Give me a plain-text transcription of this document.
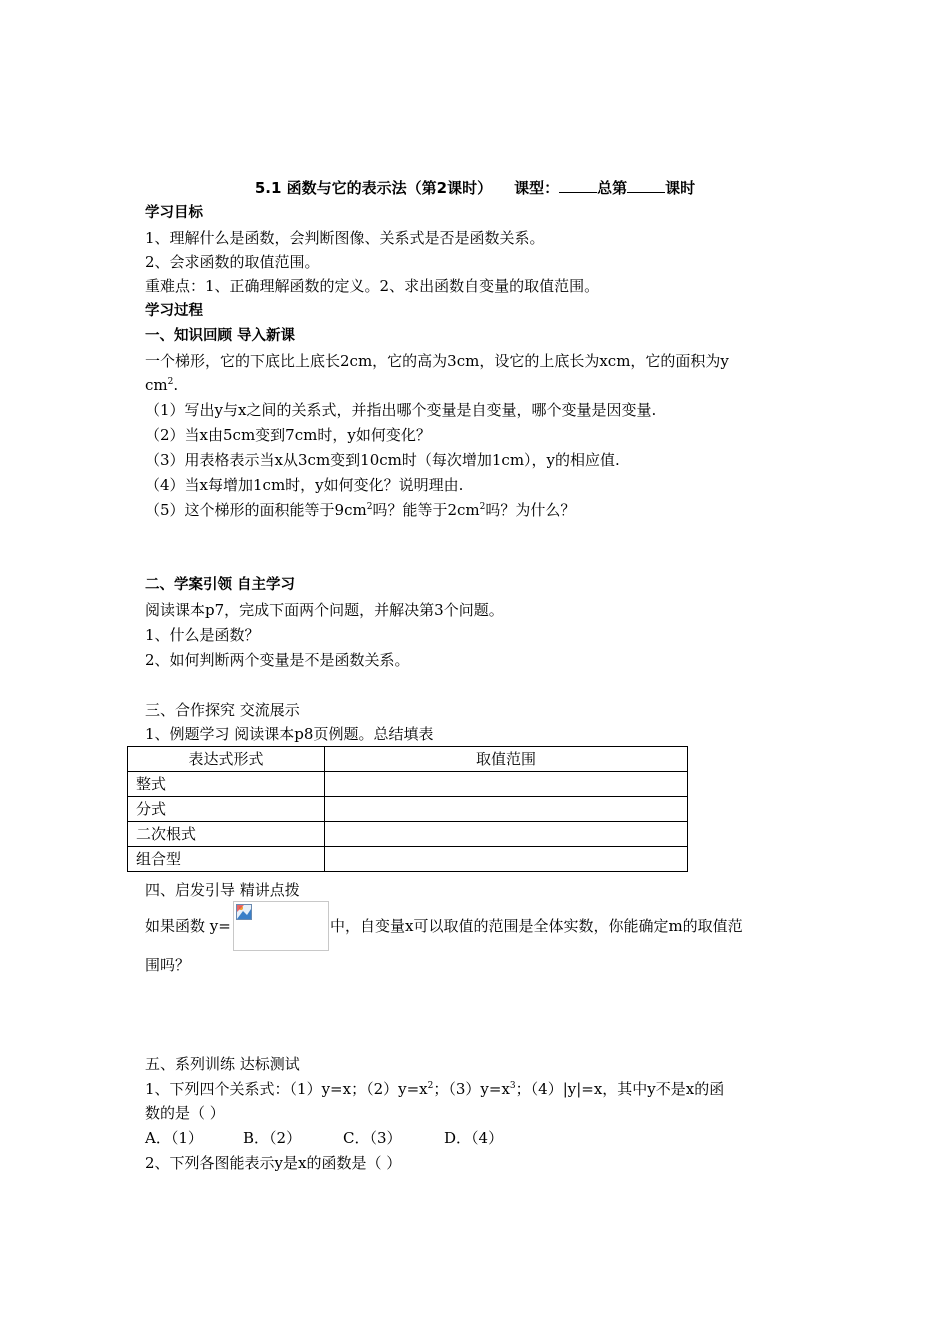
5.1 函数与它的表示法（第2课时） 课型：	总第	课时
学习目标
1、理解什么是函数，会判断图像、关系式是否是函数关系。
2、会求函数的取值范围。
重难点：1、正确理解函数的定义。2、求出函数自变量的取值范围。
学习过程
一、知识回顾 导入新课
一个梯形，它的下底比上底长2cm，它的高为3cm，设它的上底长为xcm，它的面积为y
$cm^2$.
（1）写出y与x之间的关系式，并指出哪个变量是自变量，哪个变量是因变量.
（2）当x由5cm变到7cm时，y如何变化？
（3）用表格表示当x从3cm变到10cm时（每次增加1cm），y的相应值.
（4）当x每增加1cm时，y如何变化？说明理由.
（5）这个梯形的面积能等于$9cm^2$吗？能等于$2cm^2$吗？为什么？
二、学案引领 自主学习
阅读课本p7，完成下面两个问题，并解决第3个问题。
1、什么是函数？
2、如何判断两个变量是不是函数关系。
三、合作探究 交流展示
1、例题学习 阅读课本p8页例题。总结填表
表达式形式	取值范围
整式	
分式	
二次根式	
组合型	
四、启发引导 精讲点拨
如果函数 y=	中，自变量x可以取值的范围是全体实数，你能确定m的取值范
围吗？
五、系列训练 达标测试
1、下列四个关系式：（1）y=x；$(2)y=x^2$；$(3)y=x^3$；（4）|y|=x，其中y不是x的函
数的是（ ）
A．（1）	B．（2）	C．（3）	D．（4）
2、下列各图能表示y是x的函数是（ ）
